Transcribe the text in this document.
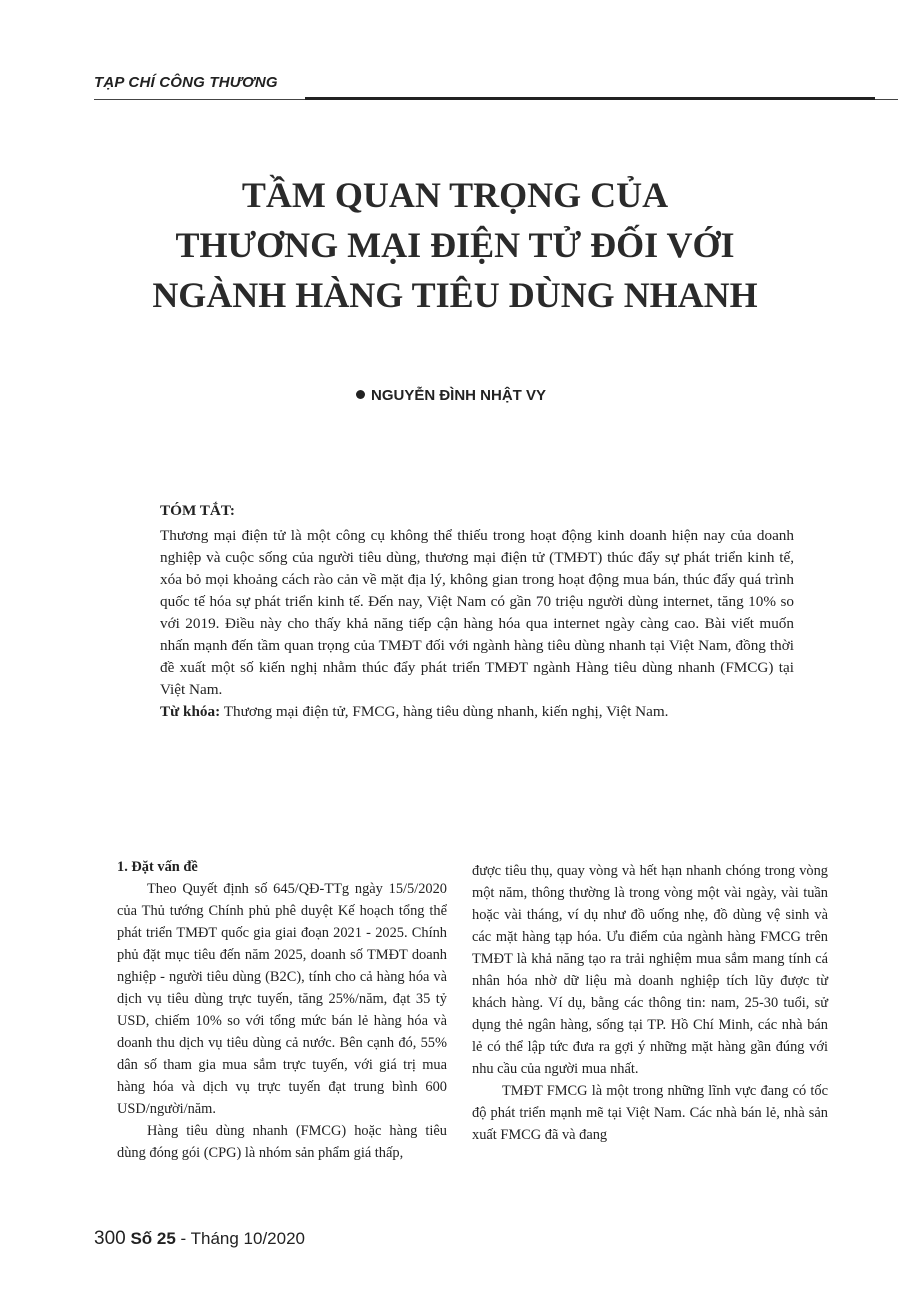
TẠP CHÍ CÔNG THƯƠNG
TẦM QUAN TRỌNG CỦA
THƯƠNG MẠI ĐIỆN TỬ ĐỐI VỚI
NGÀNH HÀNG TIÊU DÙNG NHANH
NGUYỄN ĐÌNH NHẬT VY
TÓM TẮT:

Thương mại điện tử là một công cụ không thể thiếu trong hoạt động kinh doanh hiện nay của doanh nghiệp và cuộc sống của người tiêu dùng, thương mại điện tử (TMĐT) thúc đẩy sự phát triển kinh tế, xóa bỏ mọi khoảng cách rào cản về mặt địa lý, không gian trong hoạt động mua bán, thúc đẩy quá trình quốc tế hóa sự phát triển kinh tế. Đến nay, Việt Nam có gần 70 triệu người dùng internet, tăng 10% so với 2019. Điều này cho thấy khả năng tiếp cận hàng hóa qua internet ngày càng cao. Bài viết muốn nhấn mạnh đến tầm quan trọng của TMĐT đối với ngành hàng tiêu dùng nhanh tại Việt Nam, đồng thời đề xuất một số kiến nghị nhằm thúc đẩy phát triển TMĐT ngành Hàng tiêu dùng nhanh (FMCG) tại Việt Nam.

Từ khóa: Thương mại điện tử, FMCG, hàng tiêu dùng nhanh, kiến nghị, Việt Nam.

1. Đặt vấn đề

Theo Quyết định số 645/QĐ-TTg ngày 15/5/2020 của Thủ tướng Chính phủ phê duyệt Kế hoạch tổng thể phát triển TMĐT quốc gia giai đoạn 2021 - 2025. Chính phủ đặt mục tiêu đến năm 2025, doanh số TMĐT doanh nghiệp - người tiêu dùng (B2C), tính cho cả hàng hóa và dịch vụ tiêu dùng trực tuyến, tăng 25%/năm, đạt 35 tỷ USD, chiếm 10% so với tổng mức bán lẻ hàng hóa và doanh thu dịch vụ tiêu dùng cả nước. Bên cạnh đó, 55% dân số tham gia mua sắm trực tuyến, với giá trị mua hàng hóa và dịch vụ trực tuyến đạt trung bình 600 USD/người/năm.

Hàng tiêu dùng nhanh (FMCG) hoặc hàng tiêu dùng đóng gói (CPG) là nhóm sản phẩm giá thấp,

được tiêu thụ, quay vòng và hết hạn nhanh chóng trong vòng một năm, thông thường là trong vòng một vài ngày, vài tuần hoặc vài tháng, ví dụ như đồ uống nhẹ, đồ dùng vệ sinh và các mặt hàng tạp hóa. Ưu điểm của ngành hàng FMCG trên TMĐT là khả năng tạo ra trải nghiệm mua sắm mang tính cá nhân hóa nhờ dữ liệu mà doanh nghiệp tích lũy được từ khách hàng. Ví dụ, bằng các thông tin: nam, 25-30 tuổi, sử dụng thẻ ngân hàng, sống tại TP. Hồ Chí Minh, các nhà bán lẻ có thể lập tức đưa ra gợi ý những mặt hàng gần đúng với nhu cầu của người mua nhất.

TMĐT FMCG là một trong những lĩnh vực đang có tốc độ phát triển mạnh mẽ tại Việt Nam. Các nhà bán lẻ, nhà sản xuất FMCG đã và đang

300 Số 25 - Tháng 10/2020
